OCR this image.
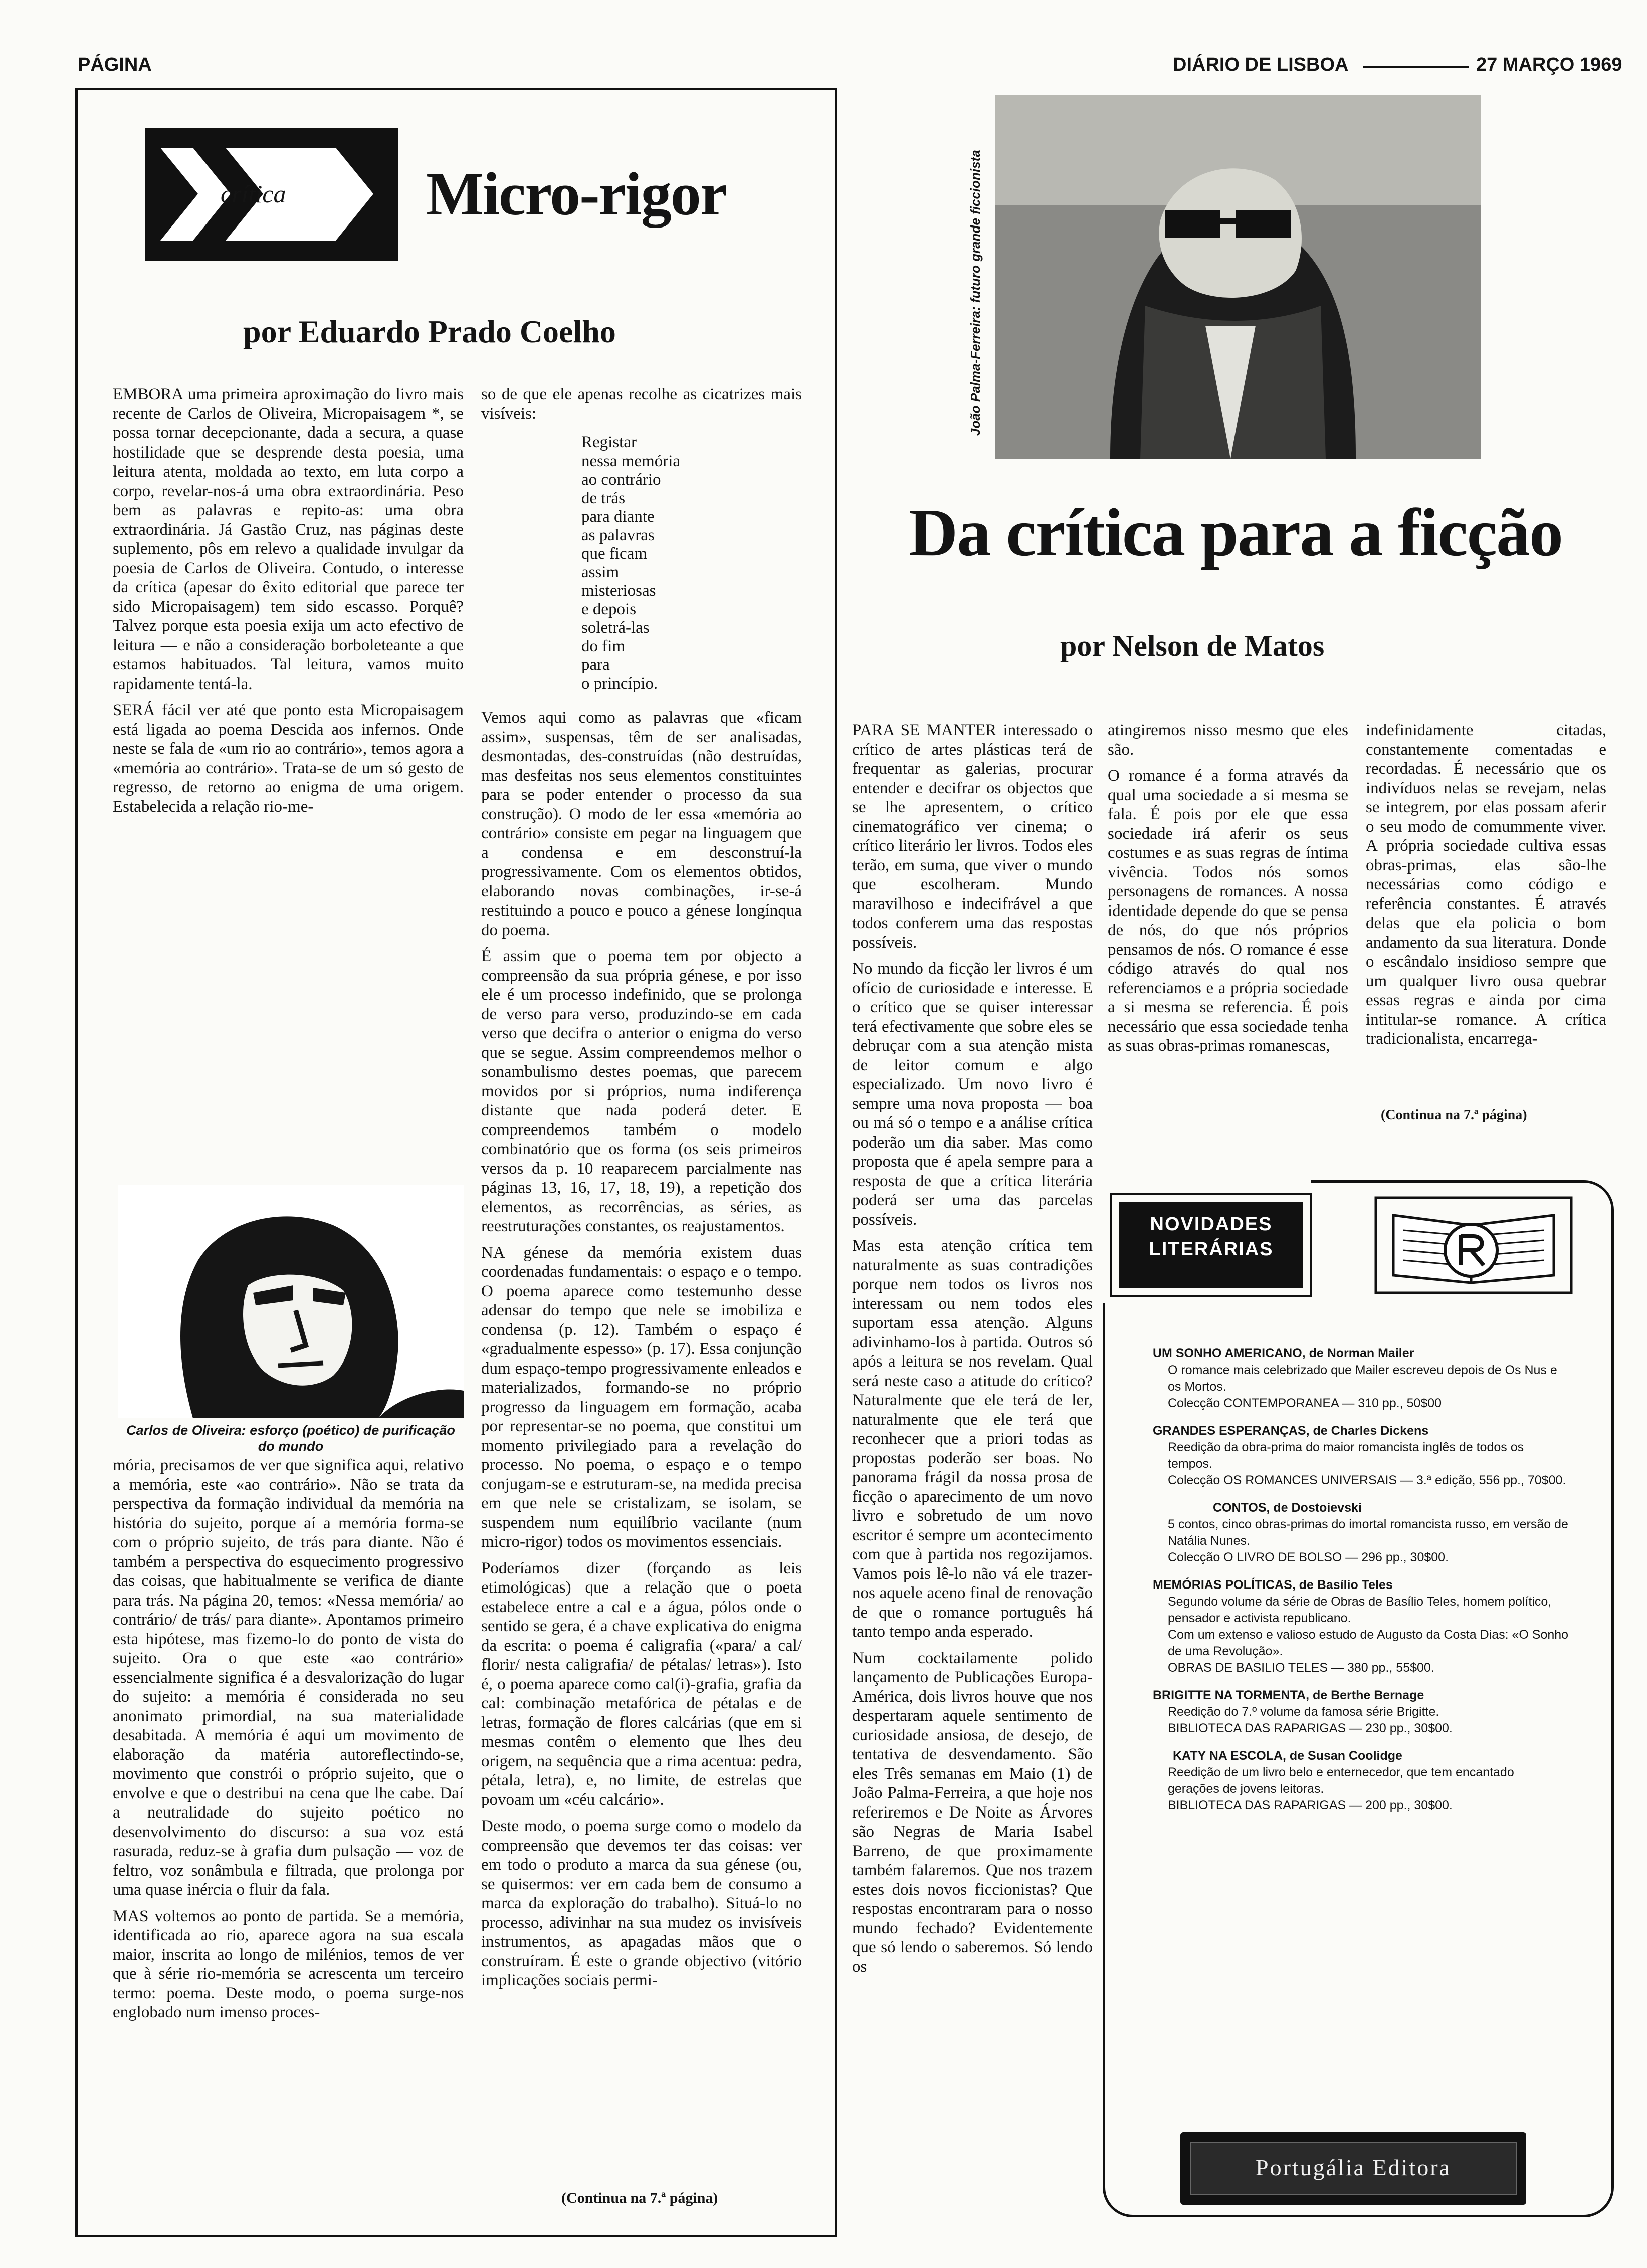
PÁGINA	DIÁRIO DE LISBOA	27 MARÇO 1969
crítica Micro-rigor
por Eduardo Prado Coelho

EMBORA uma primeira aproximação do livro mais recente de Carlos de Oliveira, Micropaisagem *, se possa tornar decepcionante, dada a secura, a quase hostilidade que se desprende desta poesia, uma leitura atenta, moldada ao texto, em luta corpo a corpo, revelar-nos-á uma obra extraordinária. Peso bem as palavras e repito-as: uma obra extraordinária. Já Gastão Cruz, nas páginas deste suplemento, pôs em relevo a qualidade invulgar da poesia de Carlos de Oliveira. Contudo, o interesse da crítica (apesar do êxito editorial que parece ter sido Micropaisagem) tem sido escasso. Porquê? Talvez porque esta poesia exija um acto efectivo de leitura — e não a consideração borboleteante a que estamos habituados. Tal leitura, vamos muito rapidamente tentá-la.

SERÁ fácil ver até que ponto esta Micropaisagem está ligada ao poema Descida aos infernos. Onde neste se fala de «um rio ao contrário», temos agora a «memória ao contrário». Trata-se de um só gesto de regresso, de retorno ao enigma de uma origem. Estabelecida a relação rio-me-

Carlos de Oliveira: esforço (poético) de purificação do mundo

mória, precisamos de ver que significa aqui, relativo a memória, este «ao contrário». Não se trata da perspectiva da formação individual da memória na história do sujeito, porque aí a memória forma-se com o próprio sujeito, de trás para diante. Não é também a perspectiva do esquecimento progressivo das coisas, que habitualmente se verifica de diante para trás. Na página 20, temos: «Nessa memória/ ao contrário/ de trás/ para diante». Apontamos primeiro esta hipótese, mas fizemo-lo do ponto de vista do sujeito. Ora o que este «ao contrário» essencialmente significa é a desvalorização do lugar do sujeito: a memória é considerada no seu anonimato primordial, na sua materialidade desabitada. A memória é aqui um movimento de elaboração da matéria autoreflectindo-se, movimento que constrói o próprio sujeito, que o envolve e que o destribui na cena que lhe cabe. Daí a neutralidade do sujeito poético no desenvolvimento do discurso: a sua voz está rasurada, reduz-se à grafia dum pulsação — voz de feltro, voz sonâmbula e filtrada, que prolonga por uma quase inércia o fluir da fala.

MAS voltemos ao ponto de partida. Se a memória, identificada ao rio, aparece agora na sua escala maior, inscrita ao longo de milénios, temos de ver que à série rio-memória se acrescenta um terceiro termo: poema. Deste modo, o poema surge-nos englobado num imenso proces-

so de que ele apenas recolhe as cicatrizes mais visíveis:

Registar
nessa memória
ao contrário
de trás
para diante
as palavras
que ficam
assim
misteriosas
e depois
soletrá-las
do fim
para
o princípio.

Vemos aqui como as palavras que «ficam assim», suspensas, têm de ser analisadas, desmontadas, des-construídas (não destruídas, mas desfeitas nos seus elementos constituintes para se poder entender o processo da sua construção). O modo de ler essa «memória ao contrário» consiste em pegar na linguagem que a condensa e em desconstruí-la progressivamente. Com os elementos obtidos, elaborando novas combinações, ir-se-á restituindo a pouco e pouco a génese longínqua do poema.

É assim que o poema tem por objecto a compreensão da sua própria génese, e por isso ele é um processo indefinido, que se prolonga de verso para verso, produzindo-se em cada verso que decifra o anterior o enigma do verso que se segue. Assim compreendemos melhor o sonambulismo destes poemas, que parecem movidos por si próprios, numa indiferença distante que nada poderá deter. E compreendemos também o modelo combinatório que os forma (os seis primeiros versos da p. 10 reaparecem parcialmente nas páginas 13, 16, 17, 18, 19), a repetição dos elementos, as recorrências, as séries, as reestruturações constantes, os reajustamentos.

NA génese da memória existem duas coordenadas fundamentais: o espaço e o tempo. O poema aparece como testemunho desse adensar do tempo que nele se imobiliza e condensa (p. 12). Também o espaço é «gradualmente espesso» (p. 17). Essa conjunção dum espaço-tempo progressivamente enleados e materializados, formando-se no próprio progresso da linguagem em formação, acaba por representar-se no poema, que constitui um momento privilegiado para a revelação do processo. No poema, o espaço e o tempo conjugam-se e estruturam-se, na medida precisa em que nele se cristalizam, se isolam, se suspendem num equilíbrio vacilante (num micro-rigor) todos os movimentos essenciais.

Poderíamos dizer (forçando as leis etimológicas) que a relação que o poeta estabelece entre a cal e a água, pólos onde o sentido se gera, é a chave explicativa do enigma da escrita: o poema é caligrafia («para/ a cal/ florir/ nesta caligrafia/ de pétalas/ letras»). Isto é, o poema aparece como cal(i)-grafia, grafia da cal: combinação metafórica de pétalas e de letras, formação de flores calcárias (que em si mesmas contêm o elemento que lhes deu origem, na sequência que a rima acentua: pedra, pétala, letra), e, no limite, de estrelas que povoam um «céu calcário».

Deste modo, o poema surge como o modelo da compreensão que devemos ter das coisas: ver em todo o produto a marca da sua génese (ou, se quisermos: ver em cada bem de consumo a marca da exploração do trabalho). Situá-lo no processo, adivinhar na sua mudez os invisíveis instrumentos, as apagadas mãos que o construíram. É este o grande objectivo (vitório implicações sociais permi-

(Continua na 7.ª página)
João Palma-Ferreira: futuro grande ficcionista
Da crítica para a ficção
por Nelson de Matos

PARA SE MANTER interessado o crítico de artes plásticas terá de frequentar as galerias, procurar entender e decifrar os objectos que se lhe apresentem, o crítico cinematográfico ver cinema; o crítico literário ler livros. Todos eles terão, em suma, que viver o mundo que escolheram. Mundo maravilhoso e indecifrável a que todos conferem uma das respostas possíveis.

No mundo da ficção ler livros é um ofício de curiosidade e interesse. E o crítico que se quiser interessar terá efectivamente que sobre eles se debruçar com a sua atenção mista de leitor comum e algo especializado. Um novo livro é sempre uma nova proposta — boa ou má só o tempo e a análise crítica poderão um dia saber. Mas como proposta que é apela sempre para a resposta de que a crítica literária poderá ser uma das parcelas possíveis.

Mas esta atenção crítica tem naturalmente as suas contradições porque nem todos os livros nos interessam ou nem todos eles suportam essa atenção. Alguns adivinhamo-los à partida. Outros só após a leitura se nos revelam. Qual será neste caso a atitude do crítico? Naturalmente que ele terá de ler, naturalmente que ele terá que reconhecer que a priori todas as propostas poderão ser boas. No panorama frágil da nossa prosa de ficção o aparecimento de um novo livro e sobretudo de um novo escritor é sempre um acontecimento com que à partida nos regozijamos. Vamos pois lê-lo não vá ele trazer-nos aquele aceno final de renovação de que o romance português há tanto tempo anda esperado.

Num cocktailamente polido lançamento de Publicações Europa-América, dois livros houve que nos despertaram aquele sentimento de curiosidade ansiosa, de desejo, de tentativa de desvendamento. São eles Três semanas em Maio (1) de João Palma-Ferreira, a que hoje nos referiremos e De Noite as Árvores são Negras de Maria Isabel Barreno, de que proximamente também falaremos. Que nos trazem estes dois novos ficcionistas? Que respostas encontraram para o nosso mundo fechado? Evidentemente que só lendo o saberemos. Só lendo os

atingiremos nisso mesmo que eles são.

O romance é a forma através da qual uma sociedade a si mesma se fala. É pois por ele que essa sociedade irá aferir os seus costumes e as suas regras de íntima vivência. Todos nós somos personagens de romances. A nossa identidade depende do que se pensa de nós, do que nós próprios pensamos de nós. O romance é esse código através do qual nos referenciamos e a própria sociedade a si mesma se referencia. É pois necessário que essa sociedade tenha as suas obras-primas romanescas,

indefinidamente citadas, constantemente comentadas e recordadas. É necessário que os indivíduos nelas se revejam, nelas se integrem, por elas possam aferir o seu modo de comummente viver. A própria sociedade cultiva essas obras-primas, elas são-lhe necessárias como código e referência constantes. É através delas que ela policia o bom andamento da sua literatura. Donde o escândalo insidioso sempre que um qualquer livro ousa quebrar essas regras e ainda por cima intitular-se romance. A crítica tradicionalista, encarrega-

(Continua na 7.ª página)
NOVIDADES
LITERÁRIAS
UM SONHO AMERICANO, de Norman Mailer
O romance mais celebrizado que Mailer escreveu depois de Os Nus e os Mortos.
Colecção CONTEMPORANEA — 310 pp., 50$00
GRANDES ESPERANÇAS, de Charles Dickens
Reedição da obra-prima do maior romancista inglês de todos os tempos.
Colecção OS ROMANCES UNIVERSAIS — 3.ª edição, 556 pp., 70$00.
CONTOS, de Dostoievski
5 contos, cinco obras-primas do imortal romancista russo, em versão de Natália Nunes.
Colecção O LIVRO DE BOLSO — 296 pp., 30$00.
MEMÓRIAS POLÍTICAS, de Basílio Teles
Segundo volume da série de Obras de Basílio Teles, homem político, pensador e activista republicano.
Com um extenso e valioso estudo de Augusto da Costa Dias: «O Sonho de uma Revolução».
OBRAS DE BASILIO TELES — 380 pp., 55$00.
BRIGITTE NA TORMENTA, de Berthe Bernage
Reedição do 7.º volume da famosa série Brigitte.
BIBLIOTECA DAS RAPARIGAS — 230 pp., 30$00.
KATY NA ESCOLA, de Susan Coolidge
Reedição de um livro belo e enternecedor, que tem encantado gerações de jovens leitoras.
BIBLIOTECA DAS RAPARIGAS — 200 pp., 30$00.
Portugália Editora
